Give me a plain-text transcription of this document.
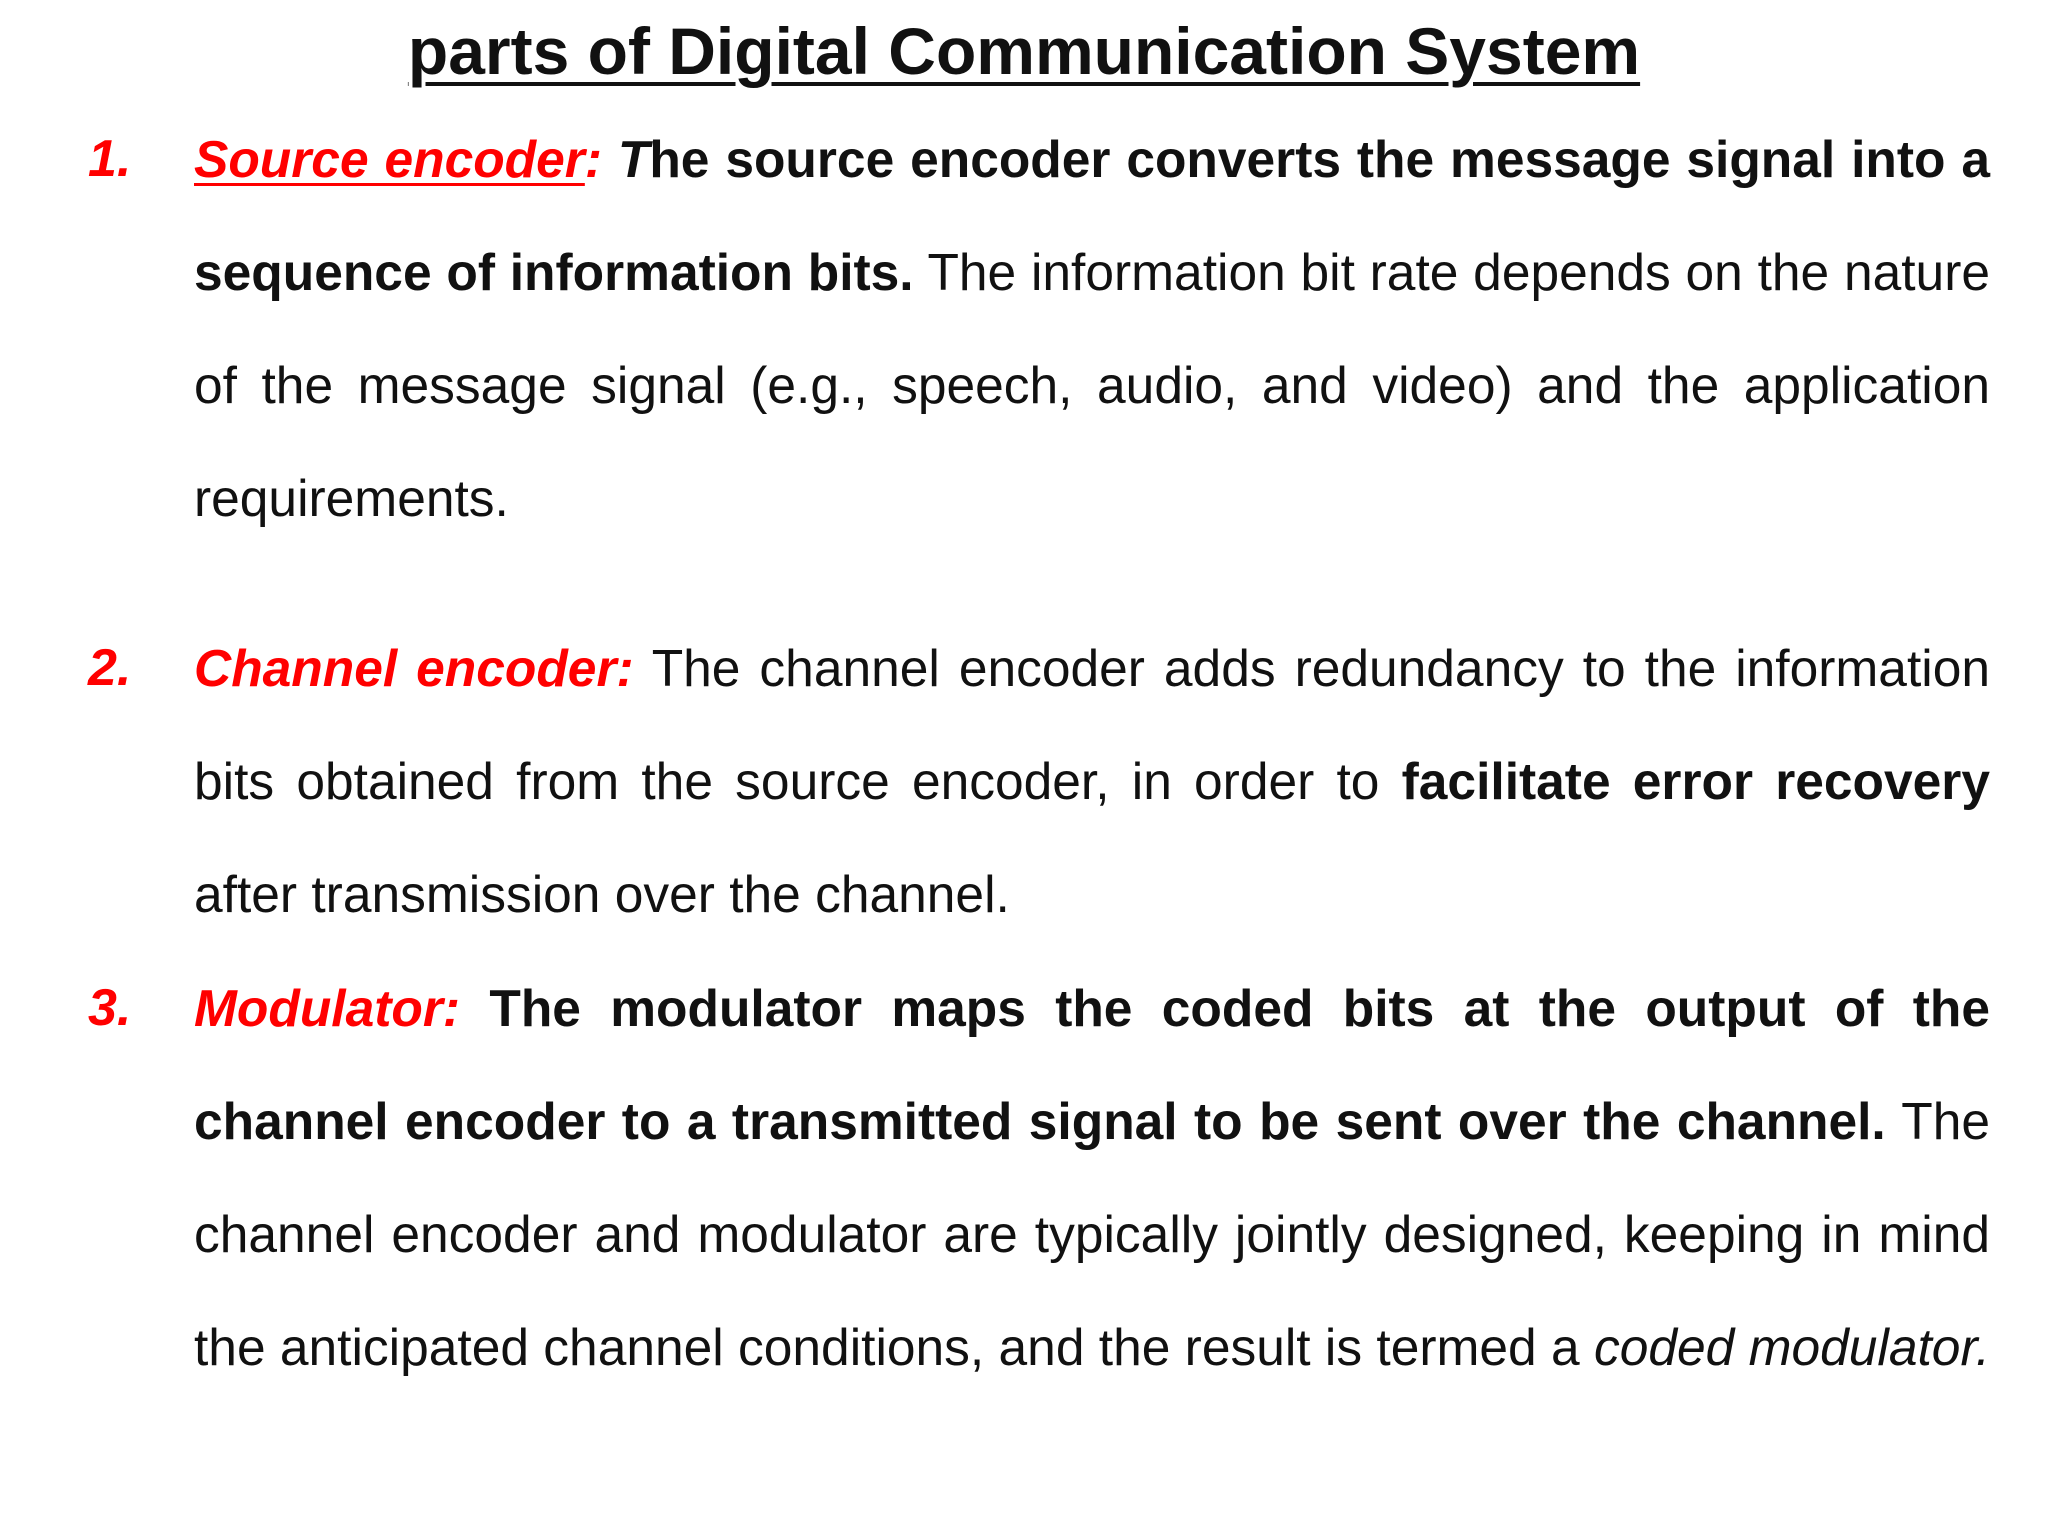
parts of Digital Communication System
1. Source encoder: The source encoder converts the message signal into a sequence of information bits. The information bit rate depends on the nature of the message signal (e.g., speech, audio, and video) and the application requirements.

2. Channel encoder: The channel encoder adds redundancy to the information bits obtained from the source encoder, in order to facilitate error recovery after transmission over the channel.

3. Modulator: The modulator maps the coded bits at the output of the channel encoder to a transmitted signal to be sent over the channel. The channel encoder and modulator are typically jointly designed, keeping in mind the anticipated channel conditions, and the result is termed a coded modulator.
